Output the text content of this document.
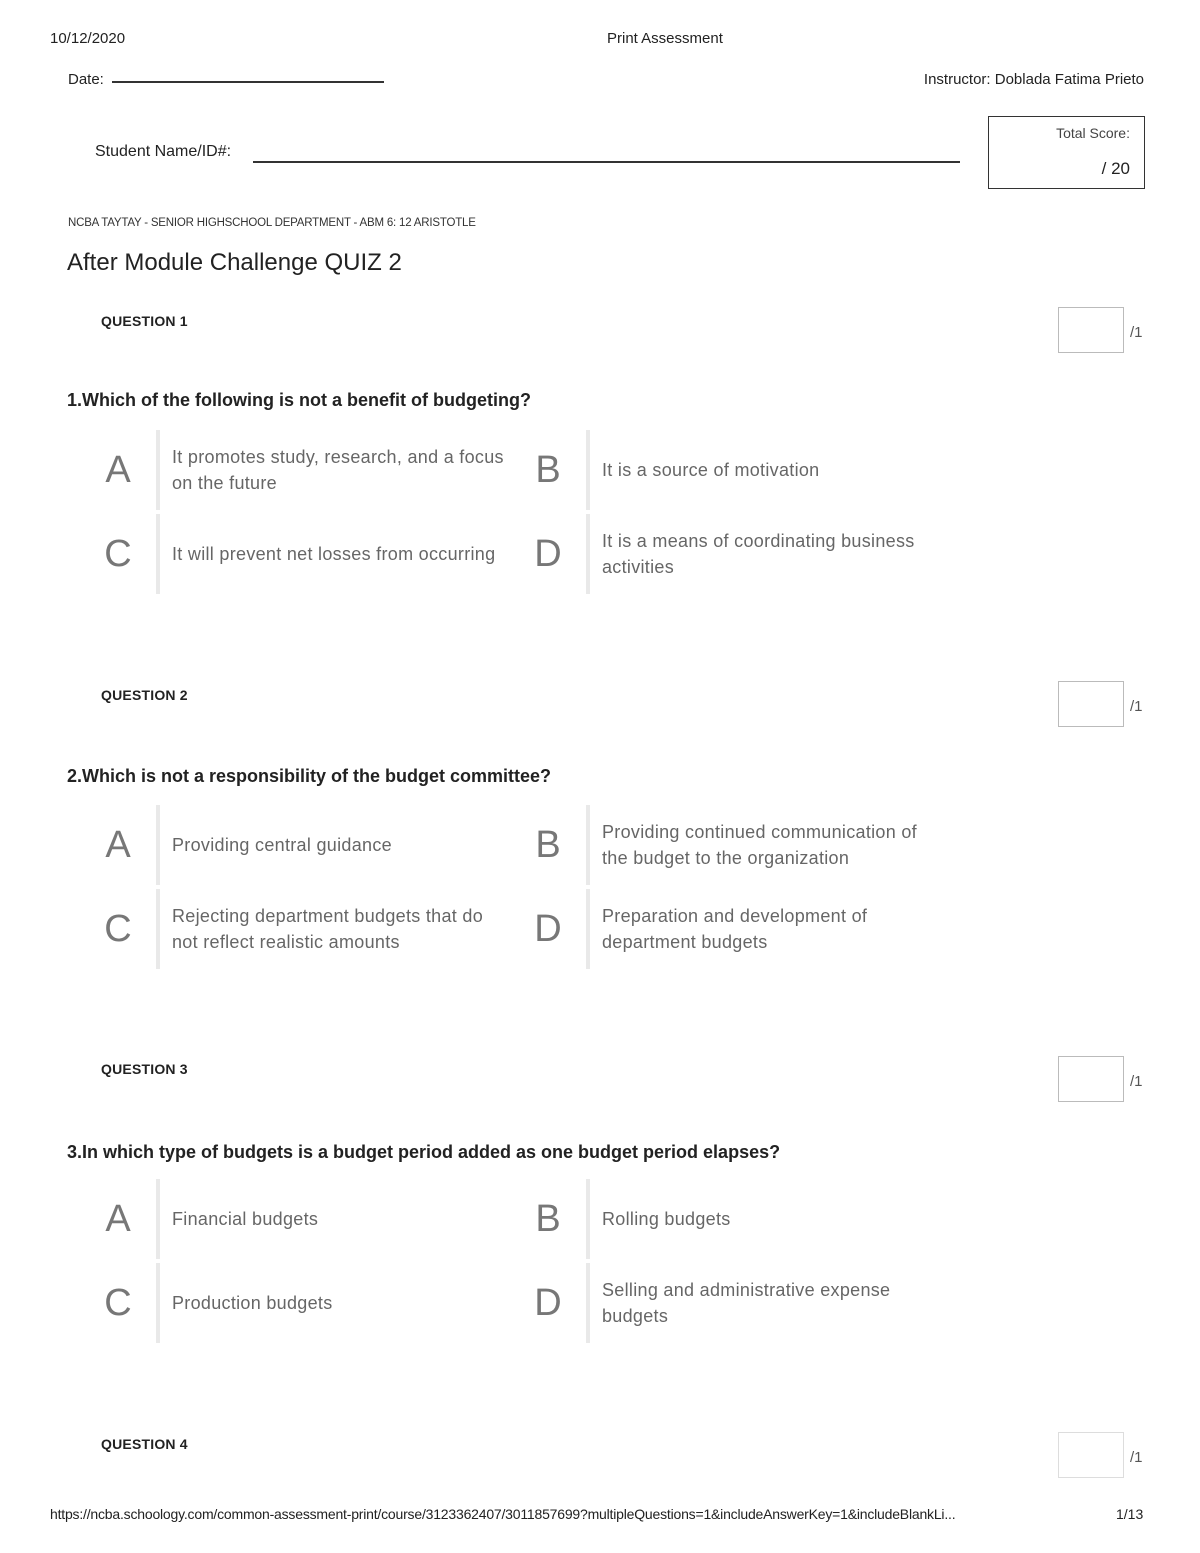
10/12/2020	Print Assessment
Date:	Instructor: Doblada Fatima Prieto
Student Name/ID#:
Total Score:
/ 20
NCBA TAYTAY - SENIOR HIGHSCHOOL DEPARTMENT - ABM 6: 12 ARISTOTLE
After Module Challenge QUIZ 2
QUESTION 1
/1
1.Which of the following is not a benefit of budgeting?
A	It promotes study, research, and a focus on the future	B	It is a source of motivation
C	It will prevent net losses from occurring	D	It is a means of coordinating business activities
QUESTION 2
/1
2.Which is not a responsibility of the budget committee?
A	Providing central guidance	B	Providing continued communication of the budget to the organization
C	Rejecting department budgets that do not reflect realistic amounts	D	Preparation and development of department budgets
QUESTION 3
/1
3.In which type of budgets is a budget period added as one budget period elapses?
A	Financial budgets	B	Rolling budgets
C	Production budgets	D	Selling and administrative expense budgets
QUESTION 4
/1
https://ncba.schoology.com/common-assessment-print/course/3123362407/3011857699?multipleQuestions=1&includeAnswerKey=1&includeBlankLi...	1/13
